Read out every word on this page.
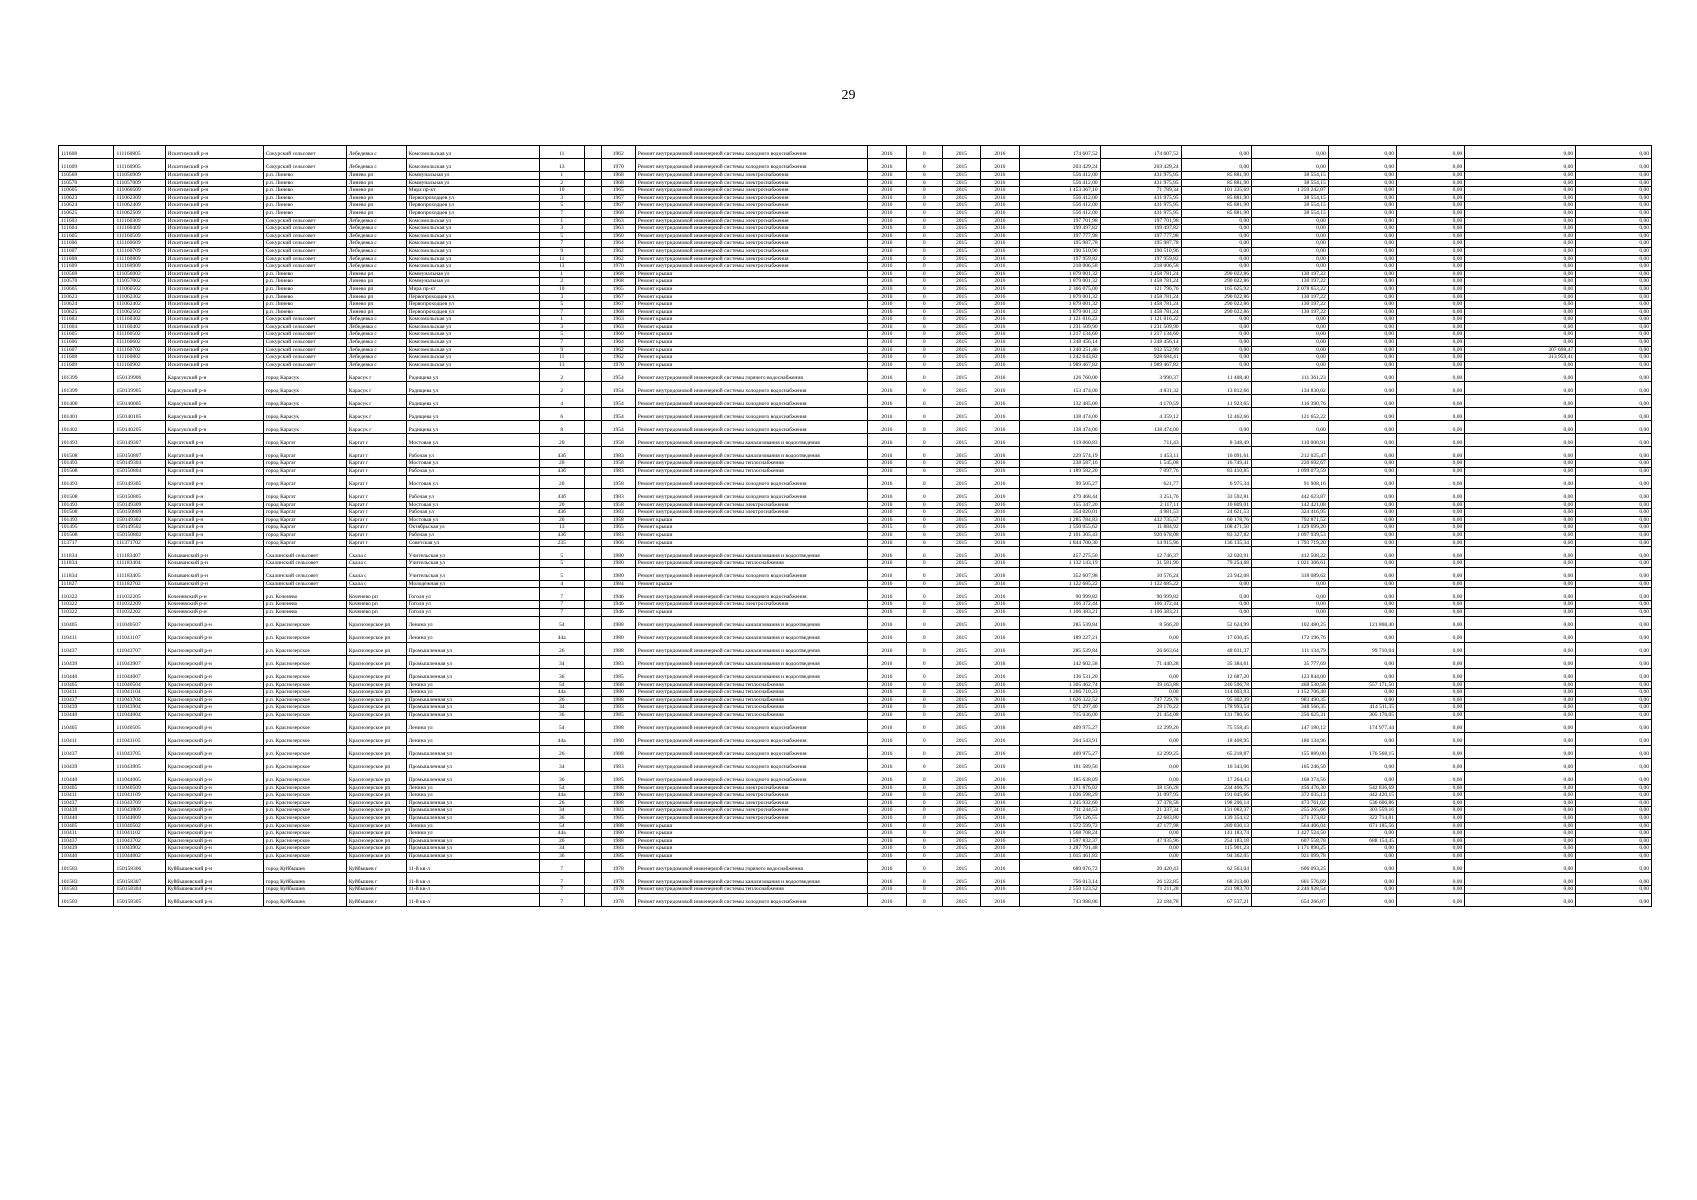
29
111608	111160805	Искитимский р-н	Сокурский сельсовет	Лебедевка с	Комсомольская ул	11		1962	Ремонт внутридомовой инженерной системы холодного водоснабжения	2016	0	2015	2016	174 607,52	174 607,52	0,00	0,00	0,00	0,00	0,00	0,00
111609	111160905	Искитимский р-н	Сокурский сельсовет	Лебедевка с	Комсомольская ул	13		1970	Ремонт внутридомовой инженерной системы холодного водоснабжения	2016	0	2015	2016	203 429,24	203 429,24	0,00	0,00	0,00	0,00	0,00	0,00
110569	111056909	Искитимский р-н	р.п. Линево	Линево рп	Коммунальная ул	1		1968	Ремонт внутридомовой инженерной системы электроснабжения	2016	0	2015	2016	556 412,00	431 975,95	85 881,90	38 554,15	0,00	0,00	0,00	0,00
110570	111057009	Искитимский р-н	р.п. Линево	Линево рп	Коммунальная ул	2		1968	Ремонт внутридомовой инженерной системы электроснабжения	2016	0	2015	2016	556 412,00	431 975,95	85 881,90	38 554,15	0,00	0,00	0,00	0,00
110605	111060509	Искитимский р-н	р.п. Линево	Линево рп	Мира пр-кт	10		1965	Ремонт внутридомовой инженерной системы электроснабжения	2016	0	2015	2016	1 453 367,10	71 789,34	101 335,69	1 259 242,07	0,00	0,00	0,00	0,00
110623	111062309	Искитимский р-н	р.п. Линево	Линево рп	Первопроходцев ул	3		1967	Ремонт внутридомовой инженерной системы электроснабжения	2016	0	2015	2016	556 412,00	431 975,95	85 881,90	38 554,15	0,00	0,00	0,00	0,00
110624	111062409	Искитимский р-н	р.п. Линево	Линево рп	Первопроходцев ул	5		1967	Ремонт внутридомовой инженерной системы электроснабжения	2016	0	2015	2016	556 412,00	431 975,95	85 881,90	38 554,15	0,00	0,00	0,00	0,00
110625	111062509	Искитимский р-н	р.п. Линево	Линево рп	Первопроходцев ул	7		1968	Ремонт внутридомовой инженерной системы электроснабжения	2016	0	2015	2016	556 412,00	431 975,95	85 881,90	38 554,15	0,00	0,00	0,00	0,00
111603	111160309	Искитимский р-н	Сокурский сельсовет	Лебедевка с	Комсомольская ул	1		1963	Ремонт внутридомовой инженерной системы электроснабжения	2016	0	2015	2016	197 701,98	197 701,98	0,00	0,00	0,00	0,00	0,00	0,00
111604	111160409	Искитимский р-н	Сокурский сельсовет	Лебедевка с	Комсомольская ул	3		1963	Ремонт внутридомовой инженерной системы электроснабжения	2016	0	2015	2016	199 497,82	199 497,82	0,00	0,00	0,00	0,00	0,00	0,00
111605	111160509	Искитимский р-н	Сокурский сельсовет	Лебедевка с	Комсомольская ул	5		1960	Ремонт внутридомовой инженерной системы электроснабжения	2016	0	2015	2016	197 777,98	197 777,98	0,00	0,00	0,00	0,00	0,00	0,00
111606	111160609	Искитимский р-н	Сокурский сельсовет	Лебедевка с	Комсомольская ул	7		1964	Ремонт внутридомовой инженерной системы электроснабжения	2016	0	2015	2016	195 987,78	195 987,78	0,00	0,00	0,00	0,00	0,00	0,00
111607	111160709	Искитимский р-н	Сокурский сельсовет	Лебедевка с	Комсомольская ул	9		1962	Ремонт внутридомовой инженерной системы электроснабжения	2016	0	2015	2016	190 510,96	190 510,96	0,00	0,00	0,00	0,00	0,00	0,00
111608	111160809	Искитимский р-н	Сокурский сельсовет	Лебедевка с	Комсомольская ул	11		1962	Ремонт внутридомовой инженерной системы электроснабжения	2016	0	2015	2016	197 959,82	197 959,82	0,00	0,00	0,00	0,00	0,00	0,00
111609	111160909	Искитимский р-н	Сокурский сельсовет	Лебедевка с	Комсомольская ул	13		1970	Ремонт внутридомовой инженерной системы электроснабжения	2016	0	2015	2016	218 006,58	218 006,58	0,00	0,00	0,00	0,00	0,00	0,00
110569	111056902	Искитимский р-н	р.п. Линево	Линево рп	Коммунальная ул	1		1968	Ремонт крыши	2016	0	2015	2016	1 879 001,32	1 458 781,24	290 022,86	130 197,22	0,00	0,00	0,00	0,00
110570	111057002	Искитимский р-н	р.п. Линево	Линево рп	Коммунальная ул	2		1968	Ремонт крыши	2016	0	2015	2016	1 879 001,32	1 458 781,24	290 022,86	130 197,22	0,00	0,00	0,00	0,00
110605	111060502	Искитимский р-н	р.п. Линево	Линево рп	Мира пр-кт	10		1965	Ремонт крыши	2016	0	2015	2016	2 366 075,00	121 796,76	165 625,92	2 078 653,22	0,00	0,00	0,00	0,00
110623	111062302	Искитимский р-н	р.п. Линево	Линево рп	Первопроходцев ул	3		1967	Ремонт крыши	2016	0	2015	2016	1 879 001,32	1 458 781,24	290 022,86	130 197,22	0,00	0,00	0,00	0,00
110624	111062402	Искитимский р-н	р.п. Линево	Линево рп	Первопроходцев ул	5		1967	Ремонт крыши	2016	0	2015	2016	1 879 001,32	1 458 781,24	290 022,86	130 197,22	0,00	0,00	0,00	0,00
110625	111062502	Искитимский р-н	р.п. Линево	Линево рп	Первопроходцев ул	7		1968	Ремонт крыши	2016	0	2015	2016	1 879 001,32	1 458 781,24	290 022,86	130 197,22	0,00	0,00	0,00	0,00
111603	111160302	Искитимский р-н	Сокурский сельсовет	Лебедевка с	Комсомольская ул	1		1963	Ремонт крыши	2016	0	2015	2016	1 121 016,22	1 121 016,22	0,00	0,00	0,00	0,00	0,00	0,00
111604	111160402	Искитимский р-н	Сокурский сельсовет	Лебедевка с	Комсомольская ул	3		1963	Ремонт крыши	2016	0	2015	2016	1 231 509,90	1 231 509,90	0,00	0,00	0,00	0,00	0,00	0,00
111605	111160502	Искитимский р-н	Сокурский сельсовет	Лебедевка с	Комсомольская ул	5		1960	Ремонт крыши	2016	0	2015	2016	1 217 134,60	1 217 134,60	0,00	0,00	0,00	0,00	0,00	0,00
111606	111160602	Искитимский р-н	Сокурский сельсовет	Лебедевка с	Комсомольская ул	7		1964	Ремонт крыши	2016	0	2015	2016	1 248 456,14	1 248 456,14	0,00	0,00	0,00	0,00	0,00	0,00
111607	111160702	Искитимский р-н	Сокурский сельсовет	Лебедевка с	Комсомольская ул	9		1962	Ремонт крыши	2016	0	2015	2016	1 240 251,46	932 552,99	0,00	0,00	0,00	0,00	307 698,47	0,00
111608	111160802	Искитимский р-н	Сокурский сельсовет	Лебедевка с	Комсомольская ул	11		1962	Ремонт крыши	2016	0	2015	2016	1 242 643,82	928 684,41	0,00	0,00	0,00	0,00	313 959,41	0,00
111609	111160902	Искитимский р-н	Сокурский сельсовет	Лебедевка с	Комсомольская ул	13		1970	Ремонт крыши	2016	0	2015	2016	1 989 467,82	1 989 467,82	0,00	0,00	0,00	0,00	0,00	0,00
101399	150139906	Карасукский р-н	город Карасук	Карасук г	Радищева ул	2		1954	Ремонт внутридомовой инженерной системы горячего водоснабжения	2016	0	2015	2016	126 760,00	3 990,37	11 408,40	111 361,23	0,00	0,00	0,00	0,00
101399	150139905	Карасукский р-н	город Карасук	Карасук г	Радищева ул	2		1954	Ремонт внутридомовой инженерной системы холодного водоснабжения	2016	0	2015	2016	153 474,00	4 831,32	13 812,66	134 830,02	0,00	0,00	0,00	0,00
101400	150140005	Карасукский р-н	город Карасук	Карасук г	Радищева ул	4		1954	Ремонт внутридомовой инженерной системы холодного водоснабжения	2016	0	2015	2016	132 485,00	4 170,59	11 923,65	116 390,76	0,00	0,00	0,00	0,00
101401	150140105	Карасукский р-н	город Карасук	Карасук г	Радищева ул	6		1954	Ремонт внутридомовой инженерной системы холодного водоснабжения	2016	0	2015	2016	138 474,00	4 359,12	12 462,66	121 652,22	0,00	0,00	0,00	0,00
101402	150140205	Карасукский р-н	город Карасук	Карасук г	Радищева ул	8		1954	Ремонт внутридомовой инженерной системы холодного водоснабжения	2016	0	2015	2016	138 474,00	138 474,00	0,00	0,00	0,00	0,00	0,00	0,00
101493	150149307	Каргатский р-н	город Каргат	Каргат г	Мостовая ул	20		1958	Ремонт внутридомовой инженерной системы канализования и водоотведения	2016	0	2015	2016	119 060,83	711,43	8 348,49	110 000,91	0,00	0,00	0,00	0,00
101508	150150807	Каргатский р-н	город Каргат	Каргат г	Рабочая ул	43б		1983	Ремонт внутридомовой инженерной системы канализования и водоотведения	2016	0	2015	2016	229 574,19	1 453,11	16 091,61	212 025,47	0,00	0,00	0,00	0,00
101493	150149304	Каргатский р-н	город Каргат	Каргат г	Мостовая ул	20		1958	Ремонт внутридомовой инженерной системы теплоснабжения	2016	0	2015	2016	238 587,16	1 545,08	16 749,41	220 692,67	0,00	0,00	0,00	0,00
101508	150150804	Каргатский р-н	город Каргат	Каргат г	Рабочая ул	43б		1983	Ремонт внутридомовой инженерной системы теплоснабжения	2016	0	2015	2016	1 189 582,20	7 097,76	83 410,85	1 099 073,59	0,00	0,00	0,00	0,00
101493	150149305	Каргатский р-н	город Каргат	Каргат г	Мостовая ул	20		1958	Ремонт внутридомовой инженерной системы холодного водоснабжения	2016	0	2015	2016	99 505,27	621,77	6 975,34	91 908,16	0,00	0,00	0,00	0,00
101508	150150805	Каргатский р-н	город Каргат	Каргат г	Рабочая ул	43б		1983	Ремонт внутридомовой инженерной системы холодного водоснабжения	2016	0	2015	2016	479 468,44	3 251,76	33 592,81	442 623,87	0,00	0,00	0,00	0,00
101493	150149309	Каргатский р-н	город Каргат	Каргат г	Мостовая ул	20		1958	Ремонт внутридомовой инженерной системы электроснабжения	2016	0	2015	2016	155 347,20	2 117,11	10 809,01	142 421,08	0,00	0,00	0,00	0,00
101508	150150809	Каргатский р-н	город Каргат	Каргат г	Рабочая ул	43б		1983	Ремонт внутридомовой инженерной системы электроснабжения	2016	0	2015	2016	354 020,01	4 981,53	24 621,53	324 416,95	0,00	0,00	0,00	0,00
101493	150149302	Каргатский р-н	город Каргат	Каргат г	Мостовая ул	20		1958	Ремонт крыши	2016	0	2015	2016	1 285 784,83	432 735,57	60 178,76	792 871,52	0,00	0,00	0,00	0,00
101495	150149502	Каргатский р-н	город Каргат	Каргат г	Октябрьская ул	13		1965	Ремонт крыши	2015	0	2015	2016	1 550 055,62	11 884,92	108 471,50	1 429 699,20	0,00	0,00	0,00	0,00
101508	150150802	Каргатский р-н	город Каргат	Каргат г	Рабочая ул	43б		1983	Ремонт крыши	2016	0	2015	2016	2 101 305,43	920 678,08	83 327,82	1 097 939,53	0,00	0,00	0,00	0,00
113717	111371702	Каргатский р-н	город Каргат	Каргат г	Советская ул	235		1966	Ремонт крыши	2016	0	2015	2016	1 844 700,30	14 915,96	136 135,34	1 793 719,20	0,00	0,00	0,00	0,00
111834	111183407	Колыванский р-н	Скалинский сельсовет	Скала с	Учительская ул	5		1980	Ремонт внутридомовой инженерной системы канализования и водоотведения	2016	0	2015	2016	457 275,50	12 746,37	32 020,91	412 508,22	0,00	0,00	0,00	0,00
111834	111183404	Колыванский р-н	Скалинский сельсовет	Скала с	Учительская ул	5		1980	Ремонт внутридомовой инженерной системы теплоснабжения	2016	0	2015	2016	1 132 143,19	31 581,90	79 254,68	1 021 306,61	0,00	0,00	0,00	0,00
111834	111183405	Колыванский р-н	Скалинский сельсовет	Скала с	Учительская ул	5		1980	Ремонт внутридомовой инженерной системы холодного водоснабжения	2016	0	2015	2016	352 607,98	10 576,24	23 942,08	318 089,62	0,00	0,00	0,00	0,00
111827	111182702	Колыванский р-н	Скалинский сельсовет	Скала с	Молодежная ул	4		1984	Ремонт крыши	2016	0	2015	2016	1 122 685,22	1 122 685,22	0,00	0,00	0,00	0,00	0,00	0,00
110322	111032205	Коченевский р-н	р.п. Коченево	Коченево рп	Гоголя ул	7		1946	Ремонт внутридомовой инженерной системы холодного водоснабжения	2016	0	2015	2016	90 999,82	90 999,82	0,00	0,00	0,00	0,00	0,00	0,00
110322	111032209	Коченевский р-н	р.п. Коченево	Коченево рп	Гоголя ул	7		1946	Ремонт внутридомовой инженерной системы электроснабжения	2016	0	2015	2016	106 372,44	106 372,44	0,00	0,00	0,00	0,00	0,00	0,00
110322	111032202	Коченевский р-н	р.п. Коченево	Коченево рп	Гоголя ул	7		1946	Ремонт крыши	2016	0	2015	2016	1 106 383,21	1 106 383,21	0,00	0,00	0,00	0,00	0,00	0,00
110405	111040507	Краснозерский р-н	р.п. Краснозерское	Краснозерское рп	Ленина ул	54		1988	Ремонт внутридомовой инженерной системы канализования и водоотведения	2016	0	2015	2016	285 539,84	8 566,20	52 624,99	102 480,25	121 868,40	0,00	0,00	0,00
110411	111041107	Краснозерский р-н	р.п. Краснозерское	Краснозерское рп	Ленина ул	44а		1980	Ремонт внутридомовой инженерной системы канализования и водоотведения	2016	0	2015	2016	189 227,21	0,00	17 030,45	172 196,76	0,00	0,00	0,00	0,00
110437	111043707	Краснозерский р-н	р.п. Краснозерское	Краснозерское рп	Промышленная ул	26		1988	Ремонт внутридомовой инженерной системы канализования и водоотведения	2016	0	2015	2016	285 539,84	26 663,64	48 031,37	111 134,79	99 710,04	0,00	0,00	0,00
110439	111043907	Краснозерский р-н	р.п. Краснозерское	Краснозерское рп	Промышленная ул	34		1983	Ремонт внутридомовой инженерной системы канализования и водоотведения	2016	0	2015	2016	142 602,58	71 440,28	35 384,61	35 777,69	0,00	0,00	0,00	0,00
110440	111044007	Краснозерский р-н	р.п. Краснозерское	Краснозерское рп	Промышленная ул	36		1985	Ремонт внутридомовой инженерной системы канализования и водоотведения	2016	0	2015	2016	136 531,20	0,00	12 687,20	123 844,00	0,00	0,00	0,00	0,00
110405	111040504	Краснозерский р-н	р.п. Краснозерское	Краснозерское рп	Ленина ул	54		1988	Ремонт внутридомовой инженерной системы теплоснабжения	2016	0	2015	2016	1 305 462,74	39 163,88	240 596,78	468 530,58	557 171,50	0,00	0,00	0,00
110411	111041104	Краснозерский р-н	р.п. Краснозерское	Краснозерское рп	Ленина ул	44а		1980	Ремонт внутридомовой инженерной системы теплоснабжения	2016	0	2015	2016	1 266 710,33	0,00	114 003,93	1 152 706,40	0,00	0,00	0,00	0,00
110437	111043704	Краснозерский р-н	р.п. Краснозерское	Краснозерское рп	Промышленная ул	26		1988	Ремонт внутридомовой инженерной системы теплоснабжения	2016	0	2015	2016	1 626 322,52	747 729,78	95 302,39	983 490,35	0,00	0,00	0,00	0,00
110439	111043904	Краснозерский р-н	р.п. Краснозерское	Краснозерское рп	Промышленная ул	34		1983	Ремонт внутридомовой инженерной системы теплоснабжения	2016	0	2015	2016	971 297,40	29 176,22	178 993,54	348 566,35	414 511,35	0,00	0,00	0,00
110440	111044004	Краснозерский р-н	р.п. Краснозерское	Краснозерское рп	Промышленная ул	36		1985	Ремонт внутридомовой инженерной системы теплоснабжения	2016	0	2015	2016	715 036,00	21 454,08	131 780,56	256 625,31	305 176,05	0,00	0,00	0,00
110405	111040505	Краснозерский р-н	р.п. Краснозерское	Краснозерское рп	Ленина ул	54		1988	Ремонт внутридомовой инженерной системы холодного водоснабжения	2016	0	2015	2016	409 975,27	12 299,26	75 558,45	147 180,12	174 977,44	0,00	0,00	0,00
110411	111041105	Краснозерский р-н	р.п. Краснозерское	Краснозерское рп	Ленина ул	44а		1980	Ремонт внутридомовой инженерной системы холодного водоснабжения	2016	0	2015	2016	204 543,91	0,00	18 408,95	186 134,96	0,00	0,00	0,00	0,00
110437	111043705	Краснозерский р-н	р.п. Краснозерское	Краснозерское рп	Промышленная ул	26		1988	Ремонт внутридомовой инженерной системы холодного водоснабжения	2016	0	2015	2016	409 975,27	12 299,25	65 218,87	155 889,00	176 568,15	0,00	0,00	0,00
110439	111043905	Краснозерский р-н	р.п. Краснозерское	Краснозерское рп	Промышленная ул	34		1983	Ремонт внутридомовой инженерной системы холодного водоснабжения	2016	0	2015	2016	181 589,56	0,00	16 343,06	165 246,50	0,00	0,00	0,00	0,00
110440	111044005	Краснозерский р-н	р.п. Краснозерское	Краснозерское рп	Промышленная ул	36		1985	Ремонт внутридомовой инженерной системы холодного водоснабжения	2016	0	2015	2016	185 638,09	0,00	17 264,43	168 374,56	0,00	0,00	0,00	0,00
110405	111040509	Краснозерский р-н	р.п. Краснозерское	Краснозерское рп	Ленина ул	54		1988	Ремонт внутридомовой инженерной системы электроснабжения	2016	0	2015	2016	1 271 876,02	38 156,28	234 406,75	456 476,30	542 836,69	0,00	0,00	0,00
110411	111041109	Краснозерский р-н	р.п. Краснозерское	Краснозерское рп	Ленина ул	44а		1980	Ремонт внутридомовой инженерной системы электроснабжения	2016	0	2015	2016	1 036 598,29	31 097,95	191 045,66	372 035,13	442 420,15	0,00	0,00	0,00
110437	111043709	Краснозерский р-н	р.п. Краснозерское	Краснозерское рп	Промышленная ул	26		1988	Ремонт внутридомовой инженерной системы электроснабжения	2016	0	2015	2016	1 245 932,60	37 378,58	198 206,14	473 761,02	536 606,86	0,00	0,00	0,00
110439	111043909	Краснозерский р-н	р.п. Краснозерское	Краснозерское рп	Промышленная ул	34		1983	Ремонт внутридомовой инженерной системы электроснабжения	2016	0	2015	2016	711 244,53	21 337,34	131 082,37	255 265,66	303 559,16	0,00	0,00	0,00
110440	111044009	Краснозерский р-н	р.п. Краснозерское	Краснозерское рп	Промышленная ул	36		1985	Ремонт внутридомовой инженерной системы электроснабжения	2016	0	2015	2016	756 126,55	22 683,80	139 354,12	271 373,82	322 714,81	0,00	0,00	0,00
110405	111040502	Краснозерский р-н	р.п. Краснозерское	Краснозерское рп	Ленина ул	54		1988	Ремонт крыши	2016	0	2015	2016	1 572 599,72	47 177,98	289 830,13	564 406,04	671 185,56	0,00	0,00	0,00
110411	111041102	Краснозерский р-н	р.п. Краснозерское	Краснозерское рп	Ленина ул	44а		1980	Ремонт крыши	2016	0	2015	2016	1 568 708,24	0,00	141 183,74	1 427 524,50	0,00	0,00	0,00	0,00
110437	111043702	Краснозерский р-н	р.п. Краснозерское	Краснозерское рп	Промышленная ул	26		1988	Ремонт крыши	2016	0	2015	2016	1 597 832,37	47 935,96	254 183,18	607 558,78	688 154,45	0,00	0,00	0,00
110439	111043902	Краснозерский р-н	р.п. Краснозерское	Краснозерское рп	Промышленная ул	34		1983	Ремонт крыши	2016	0	2015	2016	1 287 791,48	0,00	115 901,23	1 171 890,25	0,00	0,00	0,00	0,00
110440	111044002	Краснозерский р-н	р.п. Краснозерское	Краснозерское рп	Промышленная ул	36		1985	Ремонт крыши	2016	0	2015	2016	1 015 461,83	0,00	94 362,05	921 099,78	0,00	0,00	0,00	0,00
101583	150158306	Куйбышевский р-н	город Куйбышев	Куйбышев г	11-й кв-л	7		1978	Ремонт внутридомовой инженерной системы горячего водоснабжения	2016	0	2015	2016	689 076,72	20 420,43	62 563,04	606 093,25	0,00	0,00	0,00	0,00
101583	150158307	Куйбышевский р-н	город Куйбышев	Куйбышев г	11-й кв-л	7		1978	Ремонт внутридомовой инженерной системы канализования и водоотведения	2016	0	2015	2016	756 013,14	26 122,85	68 313,60	661 576,69	0,00	0,00	0,00	0,00
101583	150158304	Куйбышевский р-н	город Куйбышев	Куйбышев г	11-й кв-л	7		1978	Ремонт внутридомовой инженерной системы теплоснабжения	2016	0	2015	2016	2 550 123,52	71 211,28	231 983,70	2 246 928,54	0,00	0,00	0,00	0,00
101583	150158305	Куйбышевский р-н	город Куйбышев	Куйбышев г	11-й кв-л	7		1978	Ремонт внутридомовой инженерной системы холодного водоснабжения	2016	0	2015	2016	743 988,06	22 184,78	67 537,21	654 266,07	0,00	0,00	0,00	0,00
